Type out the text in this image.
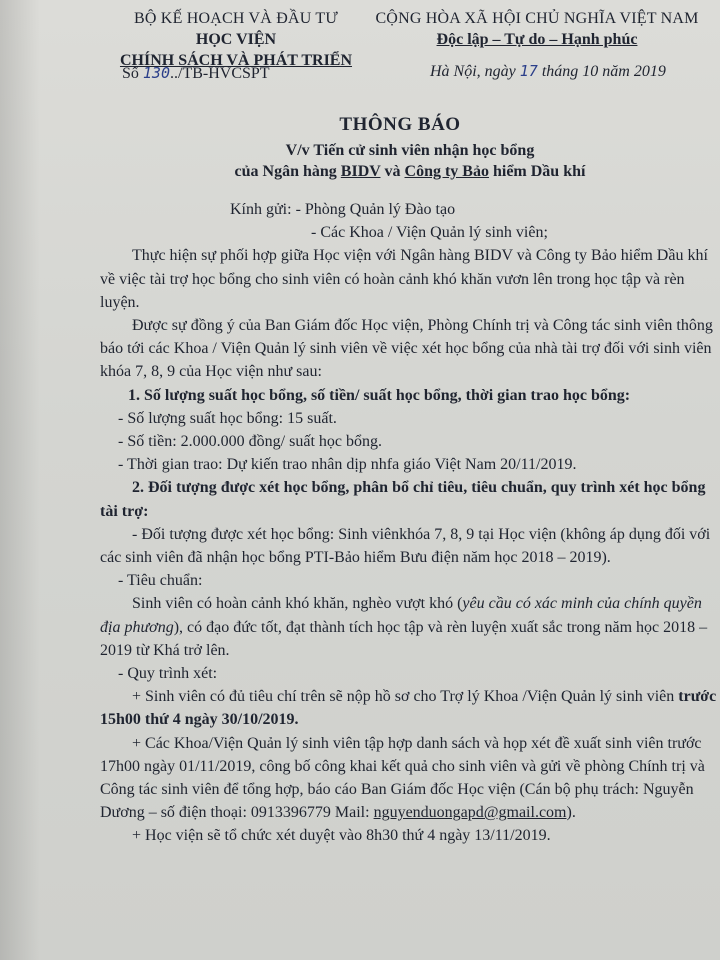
BỘ KẾ HOẠCH VÀ ĐẦU TƯ
HỌC VIỆN
CHÍNH SÁCH VÀ PHÁT TRIỂN
CỘNG HÒA XÃ HỘI CHỦ NGHĨA VIỆT NAM
Độc lập – Tự do – Hạnh phúc
Số 130../TB-HVCSPT	Hà Nội, ngày 17 tháng 10 năm 2019
THÔNG BÁO
V/v Tiến cử sinh viên nhận học bổng
của Ngân hàng BIDV và Công ty Bảo hiểm Dầu khí

Kính gửi: - Phòng Quản lý Đào tạo

- Các Khoa / Viện Quản lý sinh viên;

Thực hiện sự phối hợp giữa Học viện với Ngân hàng BIDV và Công ty Bảo hiểm Dầu khí về việc tài trợ học bổng cho sinh viên có hoàn cảnh khó khăn vươn lên trong học tập và rèn luyện.

Được sự đồng ý của Ban Giám đốc Học viện, Phòng Chính trị và Công tác sinh viên thông báo tới các Khoa / Viện Quản lý sinh viên về việc xét học bổng của nhà tài trợ đối với sinh viên khóa 7, 8, 9 của Học viện như sau:

1. Số lượng suất học bổng, số tiền/ suất học bổng, thời gian trao học bổng:

- Số lượng suất học bổng: 15 suất.

- Số tiền: 2.000.000 đồng/ suất học bổng.

- Thời gian trao: Dự kiến trao nhân dịp nhfa giáo Việt Nam 20/11/2019.

2. Đối tượng được xét học bổng, phân bổ chỉ tiêu, tiêu chuẩn, quy trình xét học bổng tài trợ:

- Đối tượng được xét học bổng: Sinh viênkhóa 7, 8, 9 tại Học viện (không áp dụng đối với các sinh viên đã nhận học bổng PTI-Bảo hiểm Bưu điện năm học 2018 – 2019).

- Tiêu chuẩn:

Sinh viên có hoàn cảnh khó khăn, nghèo vượt khó (yêu cầu có xác minh của chính quyền địa phương), có đạo đức tốt, đạt thành tích học tập và rèn luyện xuất sắc trong năm học 2018 – 2019 từ Khá trở lên.

- Quy trình xét:

+ Sinh viên có đủ tiêu chí trên sẽ nộp hồ sơ cho Trợ lý Khoa /Viện Quản lý sinh viên trước 15h00 thứ 4 ngày 30/10/2019.

+ Các Khoa/Viện Quản lý sinh viên tập hợp danh sách và họp xét đề xuất sinh viên trước 17h00 ngày 01/11/2019, công bố công khai kết quả cho sinh viên và gửi về phòng Chính trị và Công tác sinh viên để tổng hợp, báo cáo Ban Giám đốc Học viện (Cán bộ phụ trách: Nguyễn Dương – số điện thoại: 0913396779 Mail: nguyenduongapd@gmail.com).

+ Học viện sẽ tổ chức xét duyệt vào 8h30 thứ 4 ngày 13/11/2019.
